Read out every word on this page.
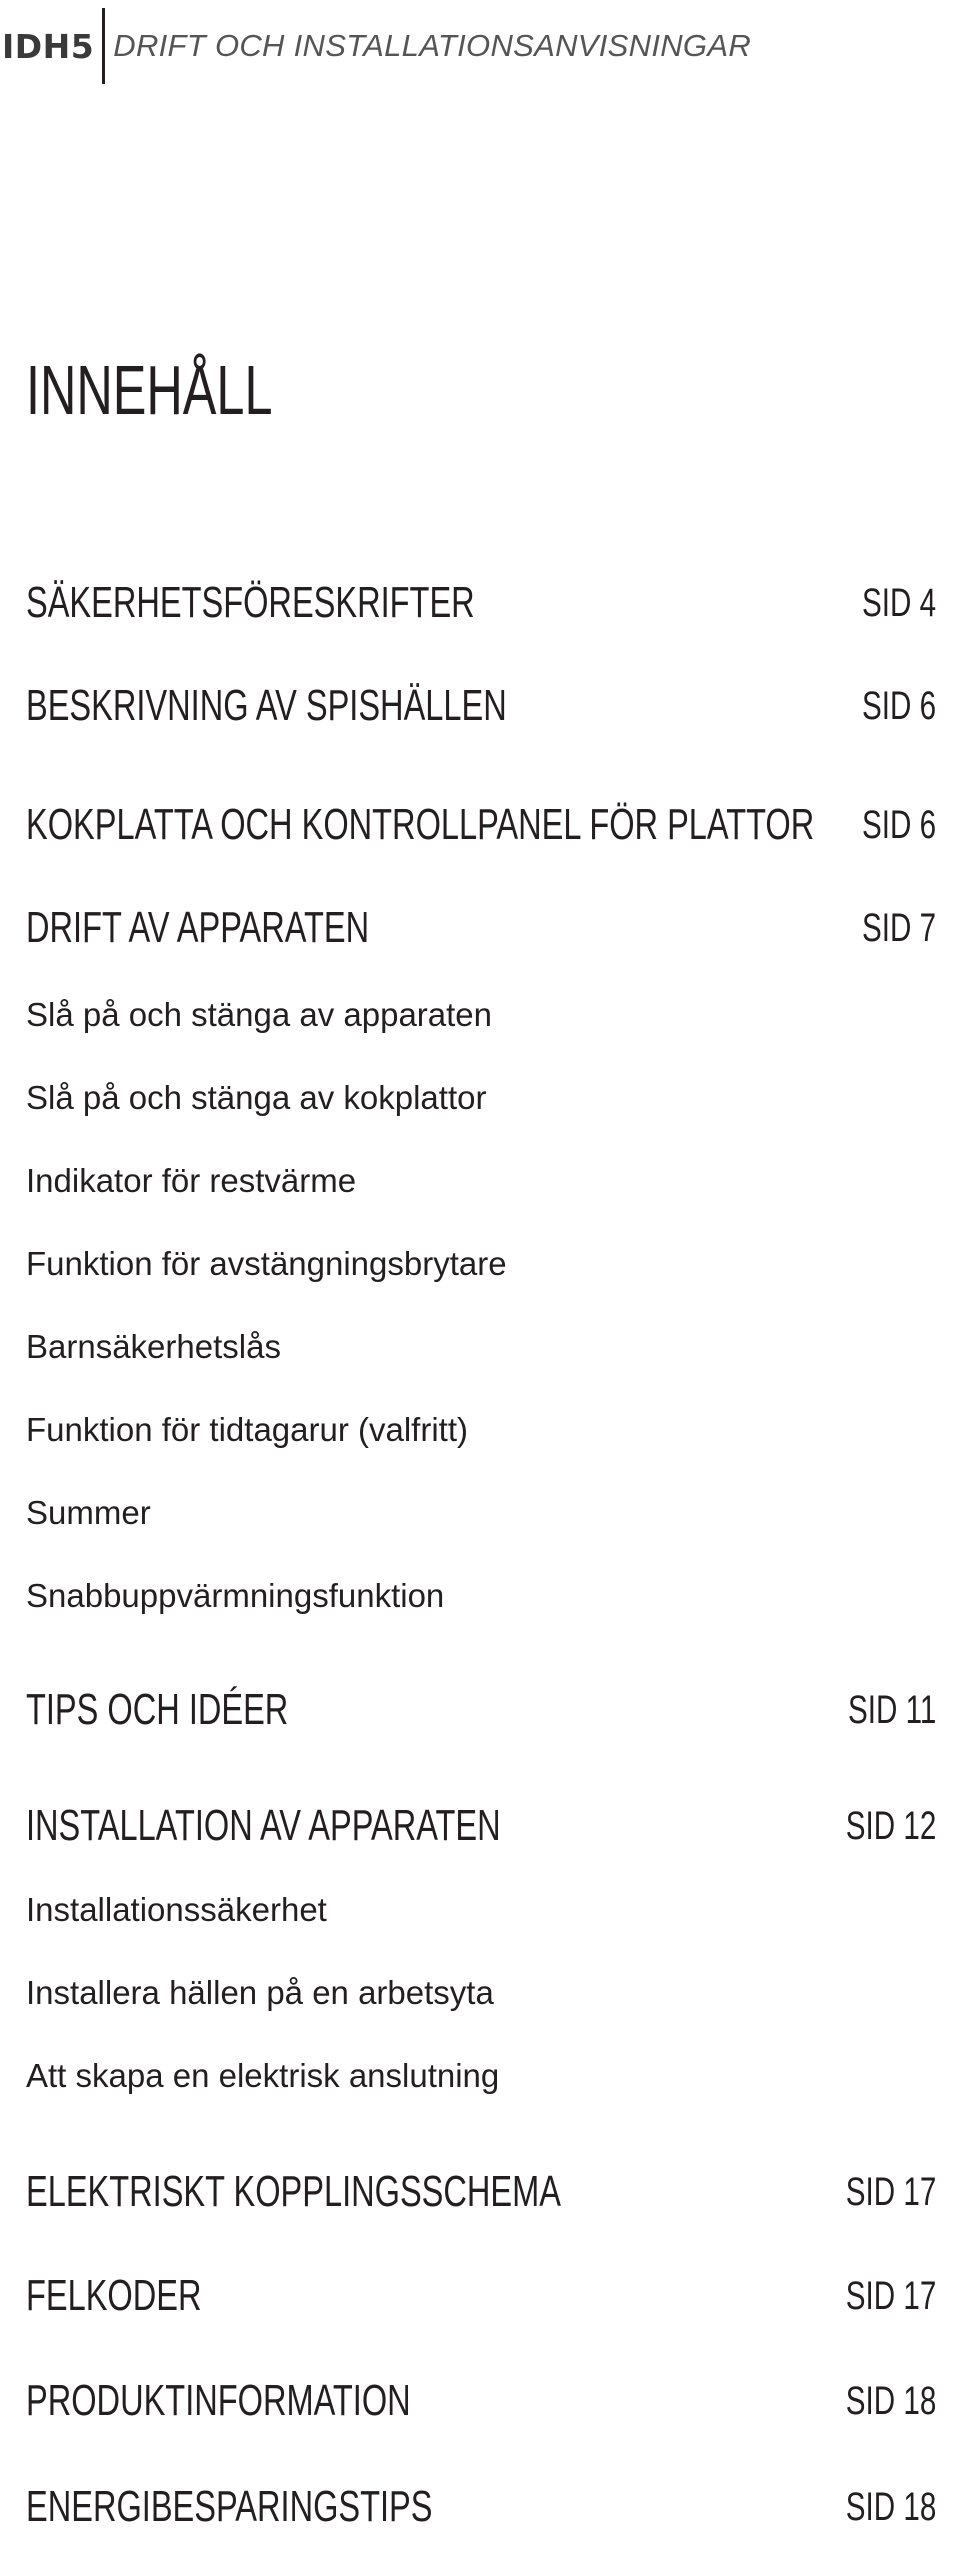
IDH5 DRIFT OCH INSTALLATIONSANVISNINGAR
INNEHÅLL
SÄKERHETSFÖRESKRIFTER	SID 4
BESKRIVNING AV SPISHÄLLEN	SID 6
KOKPLATTA OCH KONTROLLPANEL FÖR PLATTOR SID 6
DRIFT AV APPARATEN	SID 7
Slå på och stänga av apparaten
Slå på och stänga av kokplattor
Indikator för restvärme
Funktion för avstängningsbrytare
Barnsäkerhetslås
Funktion för tidtagarur (valfritt)
Summer
Snabbuppvärmningsfunktion
TIPS OCH IDÉER	SID 11
INSTALLATION AV APPARATEN	SID 12
Installationssäkerhet
Installera hällen på en arbetsyta
Att skapa en elektrisk anslutning
ELEKTRISKT KOPPLINGSSCHEMA	SID 17
FELKODER	SID 17
PRODUKTINFORMATION	SID 18
ENERGIBESPARINGSTIPS	SID 18
